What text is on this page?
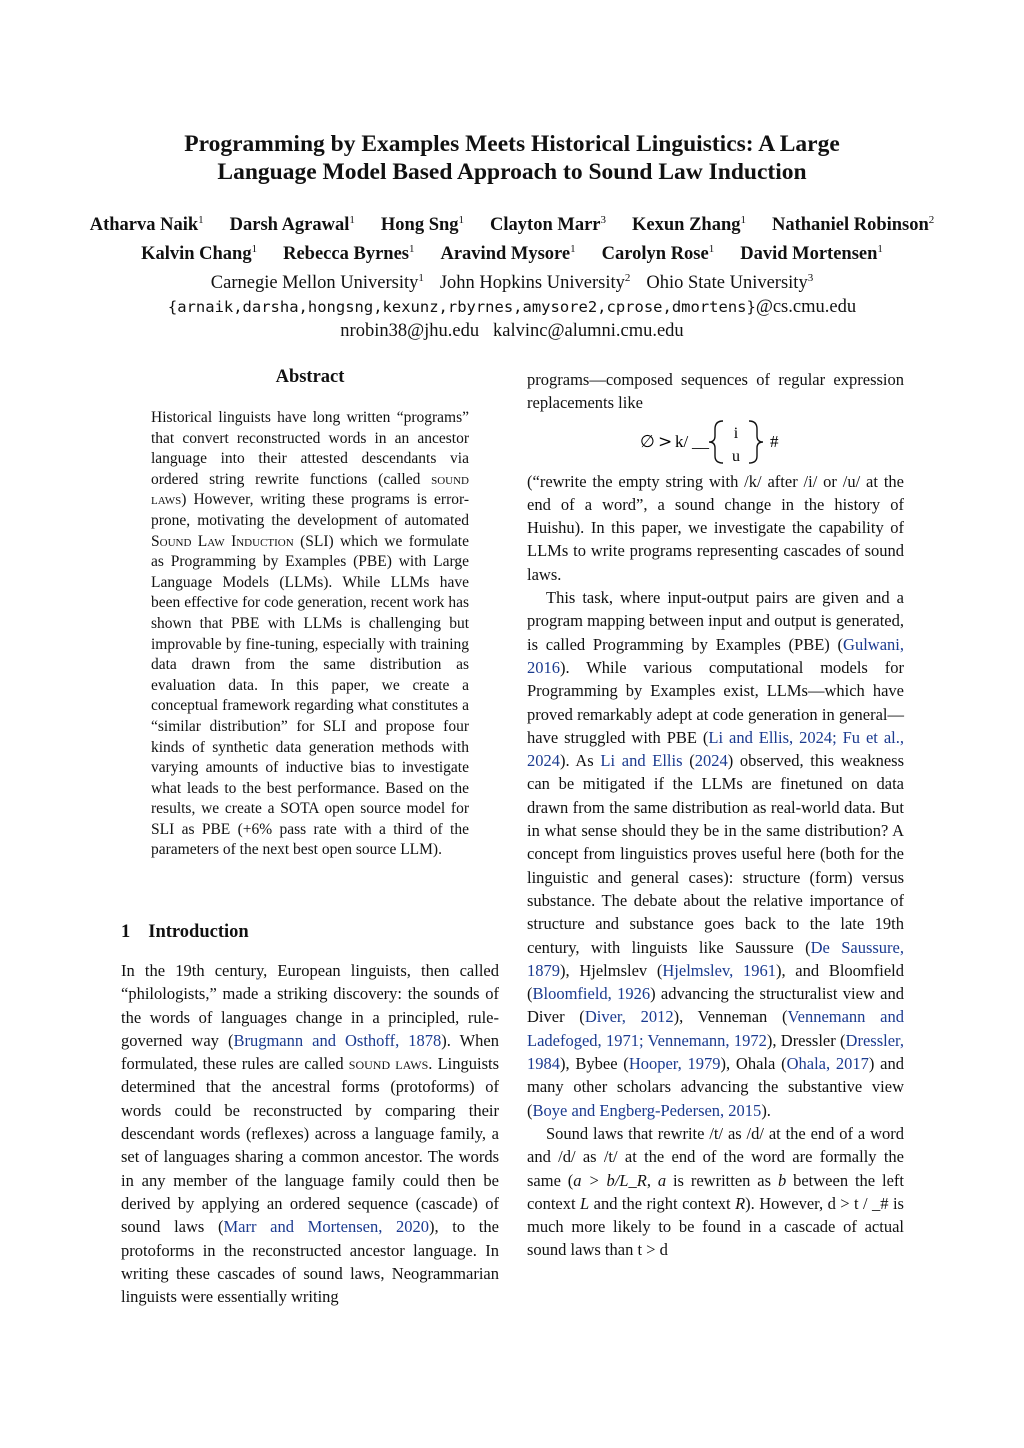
Programming by Examples Meets Historical Linguistics: A Large
Language Model Based Approach to Sound Law Induction
Atharva Naik$^1$ Darsh Agrawal$^1$ Hong Sng$^1$ Clayton Marr$^3$ Kexun Zhang$^1$ Nathaniel Robinson$^2$
Kalvin Chang$^1$ Rebecca Byrnes$^1$ Aravind Mysore$^1$ Carolyn Rose$^1$ David Mortensen$^1$
Carnegie Mellon University$^1$ John Hopkins University$^2$ Ohio State University$^3$
{arnaik,darsha,hongsng,kexunz,rbyrnes,amysore2,cprose,dmortens}@cs.cmu.edu
nrobin38@jhu.edu kalvinc@alumni.cmu.edu
Abstract
Historical linguists have long written “programs” that convert reconstructed words in an ancestor language into their attested descendants via ordered string rewrite functions (called sound laws) However, writing these programs is error-prone, motivating the development of automated Sound Law Induction (SLI) which we formulate as Programming by Examples (PBE) with Large Language Models (LLMs). While LLMs have been effective for code generation, recent work has shown that PBE with LLMs is challenging but improvable by fine-tuning, especially with training data drawn from the same distribution as evaluation data. In this paper, we create a conceptual framework regarding what constitutes a “similar distribution” for SLI and propose four kinds of synthetic data generation methods with varying amounts of inductive bias to investigate what leads to the best performance. Based on the results, we create a SOTA open source model for SLI as PBE (+6% pass rate with a third of the parameters of the next best open source LLM).
1 Introduction
In the 19th century, European linguists, then called “philologists,” made a striking discovery: the sounds of the words of languages change in a principled, rule-governed way (Brugmann and Osthoff, 1878). When formulated, these rules are called sound laws. Linguists determined that the ancestral forms (protoforms) of words could be reconstructed by comparing their descendant words (reflexes) across a language family, a set of languages sharing a common ancestor. The words in any member of the language family could then be derived by applying an ordered sequence (cascade) of sound laws (Marr and Mortensen, 2020), to the protoforms in the reconstructed ancestor language. In writing these cascades of sound laws, Neogrammarian linguists were essentially writing

programs—composed sequences of regular expression replacements like

∅ > k/ __ i
u
#

(“rewrite the empty string with /k/ after /i/ or /u/ at the end of a word”, a sound change in the history of Huishu). In this paper, we investigate the capability of LLMs to write programs representing cascades of sound laws.

This task, where input-output pairs are given and a program mapping between input and output is generated, is called Programming by Examples (PBE) (Gulwani, 2016). While various computational models for Programming by Examples exist, LLMs—which have proved remarkably adept at code generation in general—have struggled with PBE (Li and Ellis, 2024; Fu et al., 2024). As Li and Ellis (2024) observed, this weakness can be mitigated if the LLMs are finetuned on data drawn from the same distribution as real-world data. But in what sense should they be in the same distribution? A concept from linguistics proves useful here (both for the linguistic and general cases): structure (form) versus substance. The debate about the relative importance of structure and substance goes back to the late 19th century, with linguists like Saussure (De Saussure, 1879), Hjelmslev (Hjelmslev, 1961), and Bloomfield (Bloomfield, 1926) advancing the structuralist view and Diver (Diver, 2012), Venneman (Vennemann and Ladefoged, 1971; Vennemann, 1972), Dressler (Dressler, 1984), Bybee (Hooper, 1979), Ohala (Ohala, 2017) and many other scholars advancing the substantive view (Boye and Engberg-Pedersen, 2015).

Sound laws that rewrite /t/ as /d/ at the end of a word and /d/ as /t/ at the end of the word are formally the same (a > b/L_R, a is rewritten as b between the left context L and the right context R). However, d > t / _# is much more likely to be found in a cascade of actual sound laws than t > d
